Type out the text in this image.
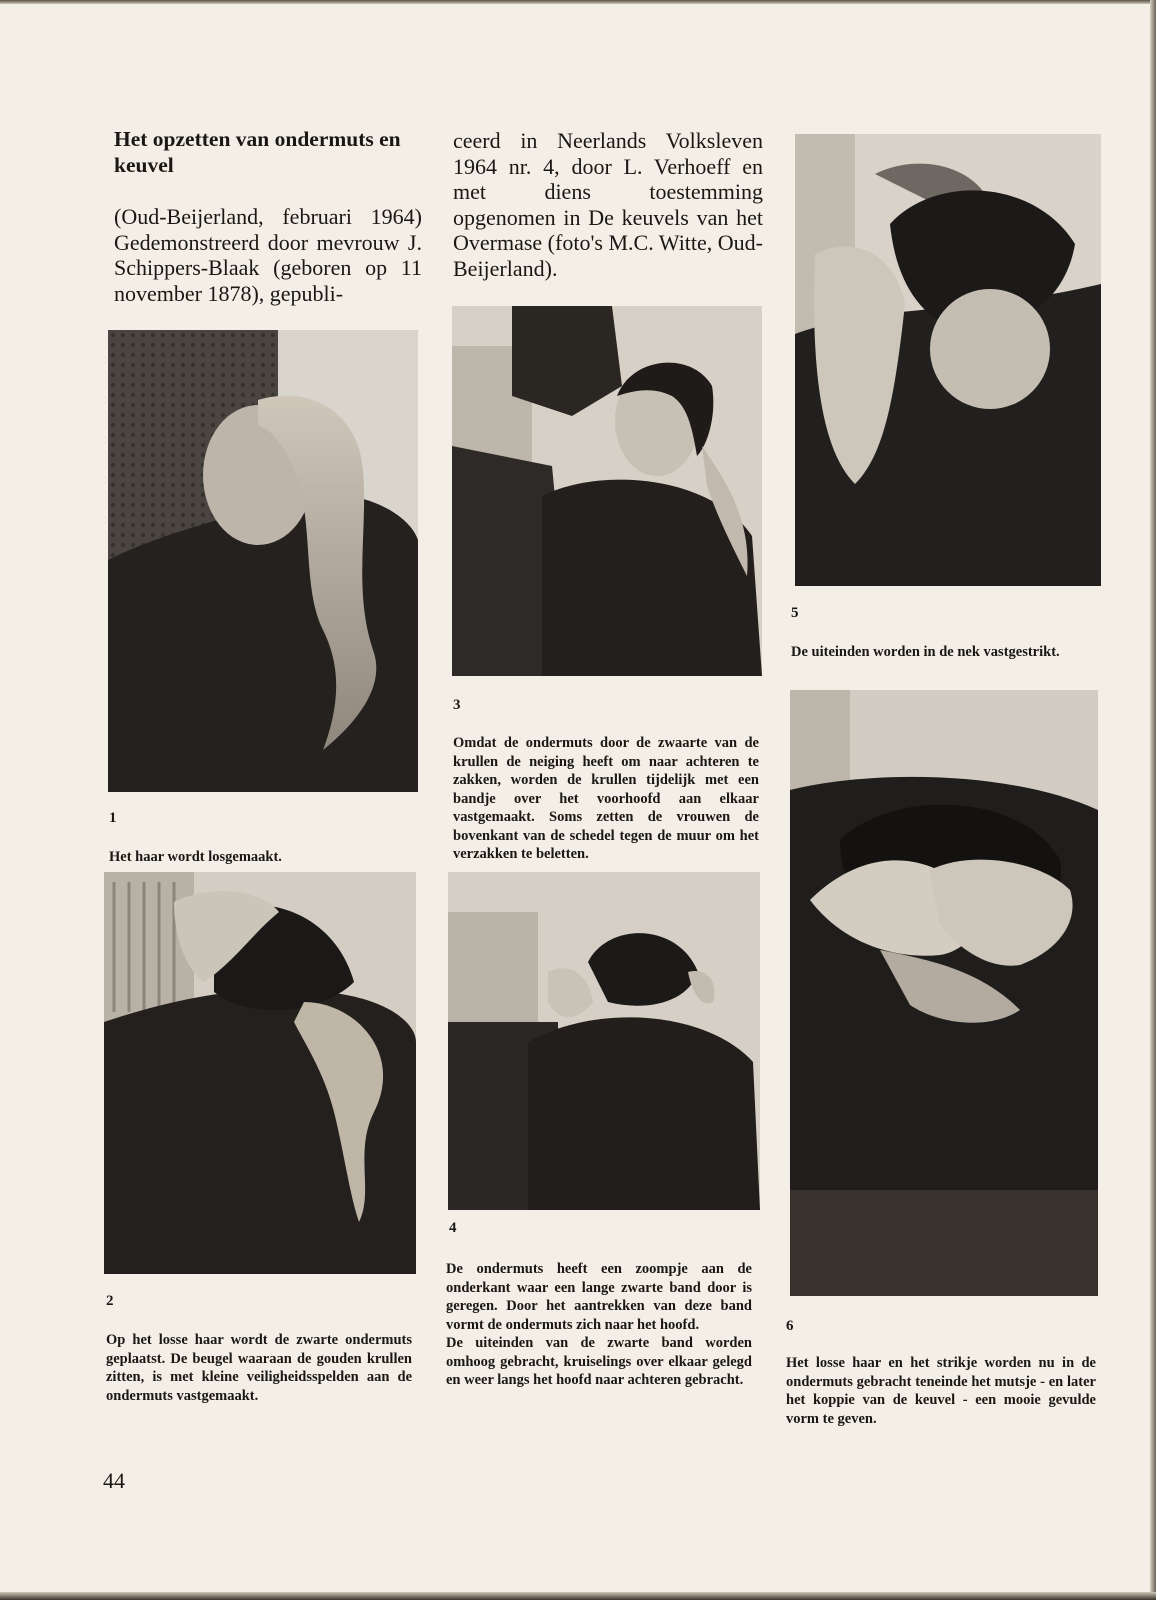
Het opzetten van ondermuts en keuvel

(Oud-Beijerland, februari 1964) Gedemonstreerd door mevrouw J. Schippers-Blaak (geboren op 11 november 1878), gepubli-

ceerd in Neerlands Volksleven 1964 nr. 4, door L. Verhoeff en met diens toestemming opgenomen in De keuvels van het Overmase (foto's M.C. Witte, Oud-Beijerland).

1

Het haar wordt losgemaakt.

2

Op het losse haar wordt de zwarte ondermuts geplaatst. De beugel waaraan de gouden krullen zitten, is met kleine veiligheidsspelden aan de ondermuts vastgemaakt.

3

Omdat de ondermuts door de zwaarte van de krullen de neiging heeft om naar achteren te zakken, worden de krullen tijdelijk met een bandje over het voorhoofd aan elkaar vastgemaakt. Soms zetten de vrouwen de bovenkant van de schedel tegen de muur om het verzakken te beletten.

4

De ondermuts heeft een zoompje aan de onderkant waar een lange zwarte band door is geregen. Door het aantrekken van deze band vormt de ondermuts zich naar het hoofd.
De uiteinden van de zwarte band worden omhoog gebracht, kruiselings over elkaar gelegd en weer langs het hoofd naar achteren gebracht.

5

De uiteinden worden in de nek vastgestrikt.

6

Het losse haar en het strikje worden nu in de ondermuts gebracht teneinde het mutsje - en later het koppie van de keuvel - een mooie gevulde vorm te geven.

44
